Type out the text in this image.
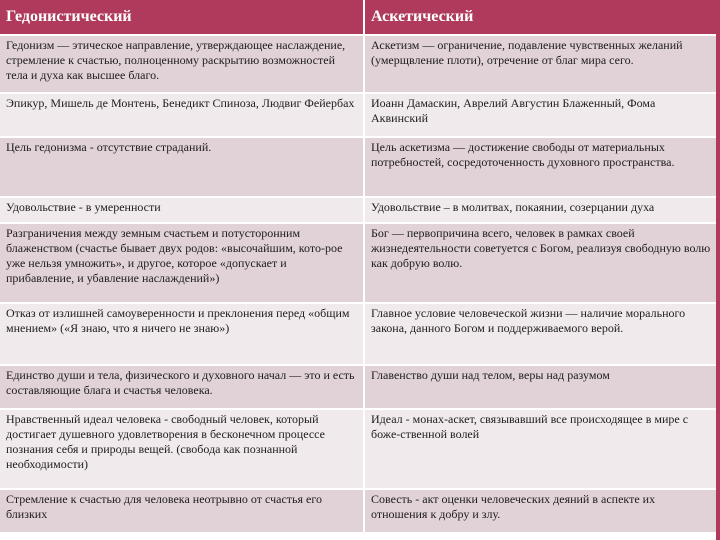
Гедонистический	Аскетический
Гедонизм — этическое направление, утверждающее наслаждение, стремление к счастью, полноценному раскрытию возможностей тела и духа как высшее благо.	Аскетизм — ограничение, подавление чувственных желаний (умерщвление плоти), отречение от благ мира сего.
Эпикур, Мишель де Монтень, Бенедикт Спиноза, Людвиг Фейербах	Иоанн Дамаскин, Аврелий Августин Блаженный, Фома Аквинский
Цель гедонизма - отсутствие страданий.	Цель аскетизма — достижение свободы от материальных потребностей, сосредоточенность духовного пространства.
Удовольствие - в умеренности	Удовольствие – в молитвах, покаянии, созерцании духа
Разграничения между земным счастьем и потусторонним блаженством (счастье бывает двух родов: «высочайшим, кото-рое уже нельзя умножить», и другое, которое «допускает и прибавление, и убавление наслаждений»)	Бог — первопричина всего, человек в рамках своей жизнедеятельности советуется с Богом, реализуя свободную волю как добрую волю.
Отказ от излишней самоуверенности и преклонения перед «общим мнением» («Я знаю, что я ничего не знаю»)	Главное условие человеческой жизни — наличие морального закона, данного Богом и поддерживаемого верой.
Единство души и тела, физического и духовного начал — это и есть составляющие блага и счастья человека.	Главенство души над телом, веры над разумом
Нравственный идеал человека - свободный человек, который достигает душевного удовлетворения в бесконечном процессе познания себя и природы вещей. (свобода как познанной необходимости)	Идеал - монах-аскет, связывавший все происходящее в мире с боже-ственной волей
Стремление к счастью для человека неотрывно от счастья его близких	Совесть - акт оценки человеческих деяний в аспекте их отношения к добру и злу.
